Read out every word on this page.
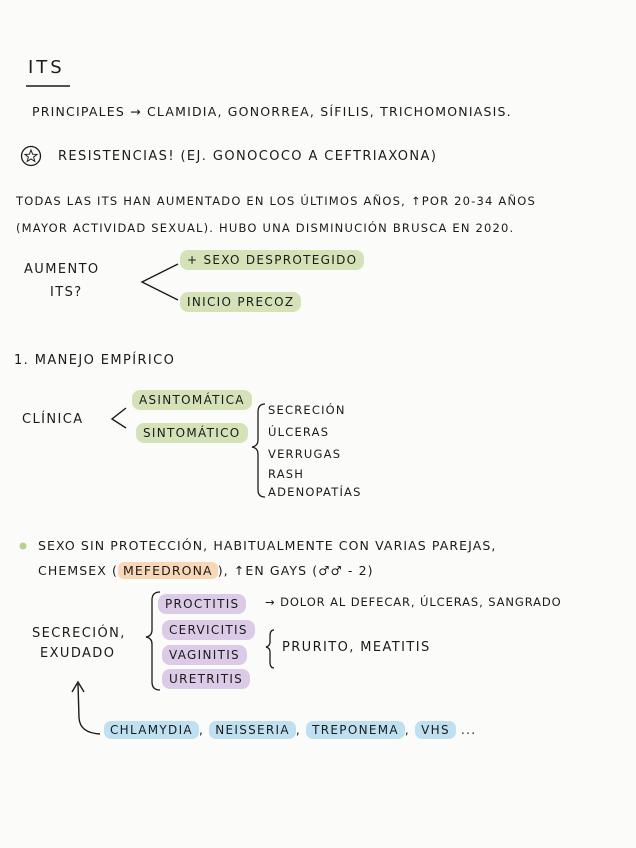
ITS
PRINCIPALES → CLAMIDIA, GONORREA, SÍFILIS, TRICHOMONIASIS.
RESISTENCIAS! (EJ. GONOCOCO A CEFTRIAXONA)
TODAS LAS ITS HAN AUMENTADO EN LOS ÚLTIMOS AÑOS, ↑POR 20-34 AÑOS
(MAYOR ACTIVIDAD SEXUAL). HUBO UNA DISMINUCIÓN BRUSCA EN 2020.
AUMENTO
ITS?
+ SEXO DESPROTEGIDO
INICIO PRECOZ
1. MANEJO EMPÍRICO
CLÍNICA
ASINTOMÁTICA
SINTOMÁTICO
SECRECIÓN
ÚLCERAS
VERRUGAS
RASH
ADENOPATÍAS
SEXO SIN PROTECCIÓN, HABITUALMENTE CON VARIAS PAREJAS,
CHEMSEX ( MEFEDRONA ), ↑EN GAYS (♂♂ - 2)
SECRECIÓN,
EXUDADO
PROCTITIS
CERVICITIS
VAGINITIS
URETRITIS
→ DOLOR AL DEFECAR, ÚLCERAS, SANGRADO
PRURITO, MEATITIS
CHLAMYDIA , NEISSERIA , TREPONEMA , VHS ...
